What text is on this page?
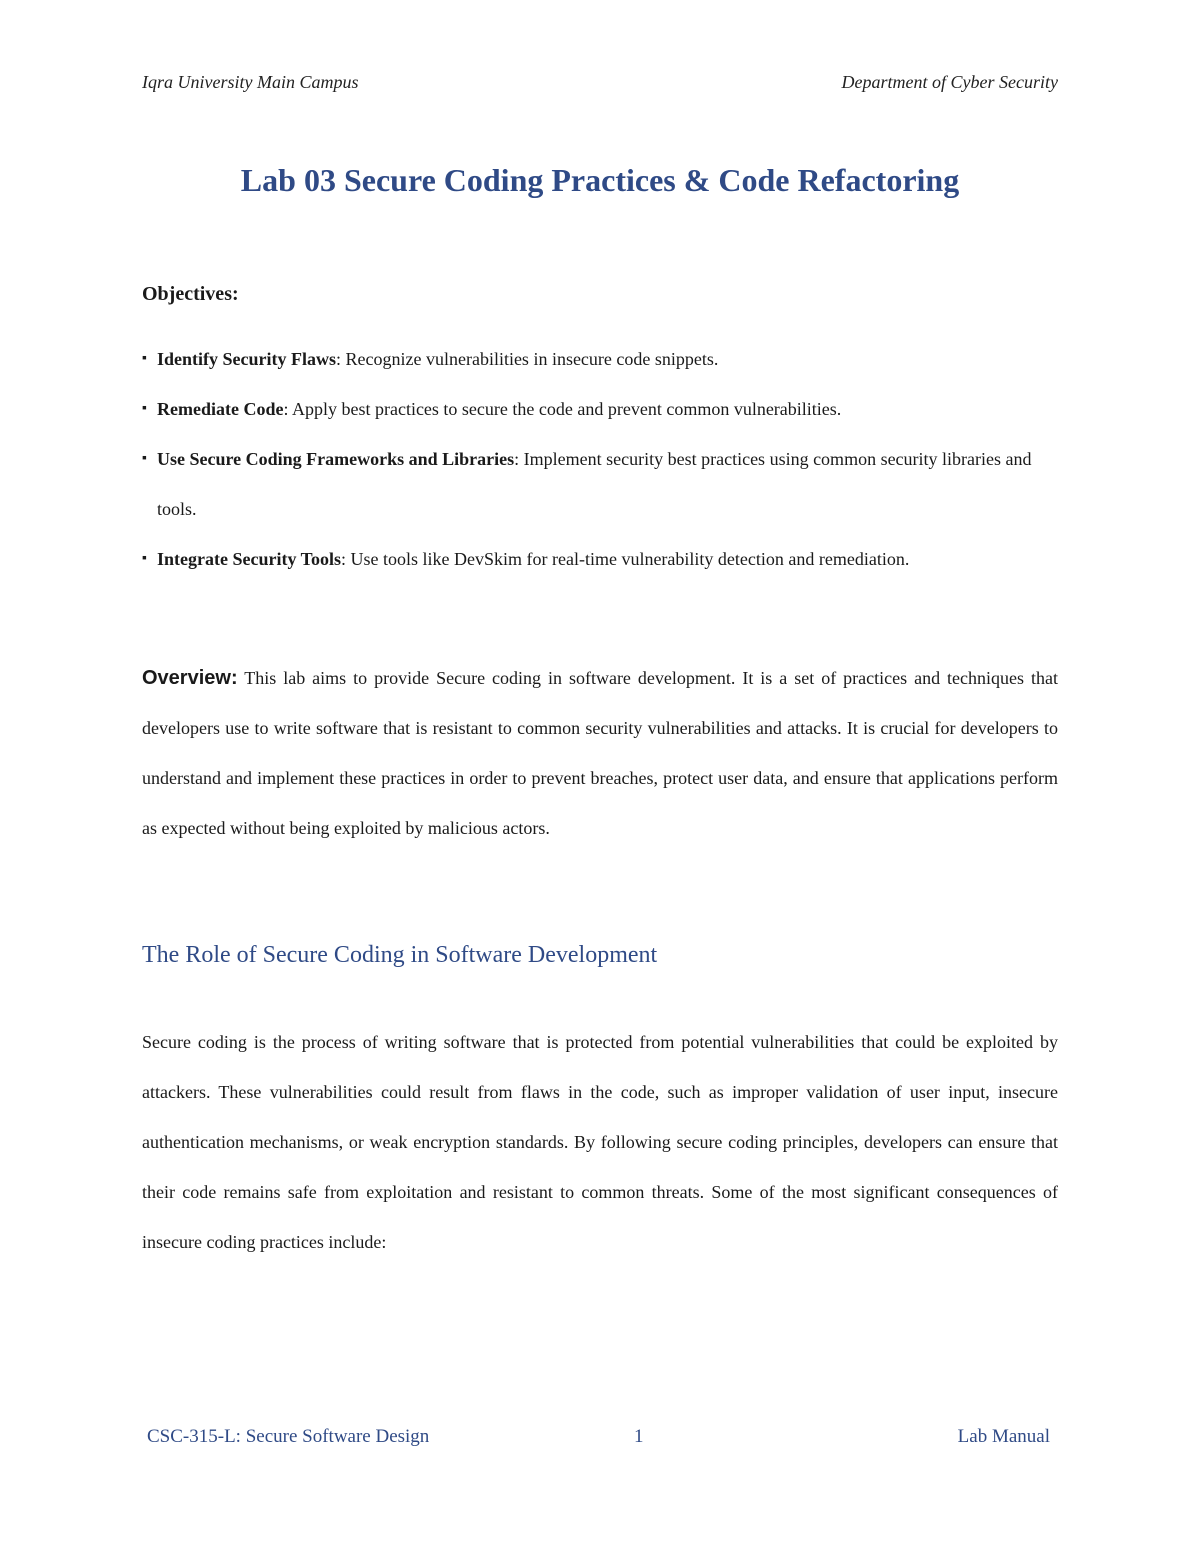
Iqra University Main Campus	Department of Cyber Security
Lab 03 Secure Coding Practices & Code Refactoring
Objectives:
▪ Identify Security Flaws: Recognize vulnerabilities in insecure code snippets.
▪ Remediate Code: Apply best practices to secure the code and prevent common vulnerabilities.
▪ Use Secure Coding Frameworks and Libraries: Implement security best practices using common security libraries and tools.
▪ Integrate Security Tools: Use tools like DevSkim for real-time vulnerability detection and remediation.

Overview: This lab aims to provide Secure coding in software development. It is a set of practices and techniques that developers use to write software that is resistant to common security vulnerabilities and attacks. It is crucial for developers to understand and implement these practices in order to prevent breaches, protect user data, and ensure that applications perform as expected without being exploited by malicious actors.

The Role of Secure Coding in Software Development

Secure coding is the process of writing software that is protected from potential vulnerabilities that could be exploited by attackers. These vulnerabilities could result from flaws in the code, such as improper validation of user input, insecure authentication mechanisms, or weak encryption standards. By following secure coding principles, developers can ensure that their code remains safe from exploitation and resistant to common threats. Some of the most significant consequences of insecure coding practices include:

CSC-315-L: Secure Software Design	1	Lab Manual
